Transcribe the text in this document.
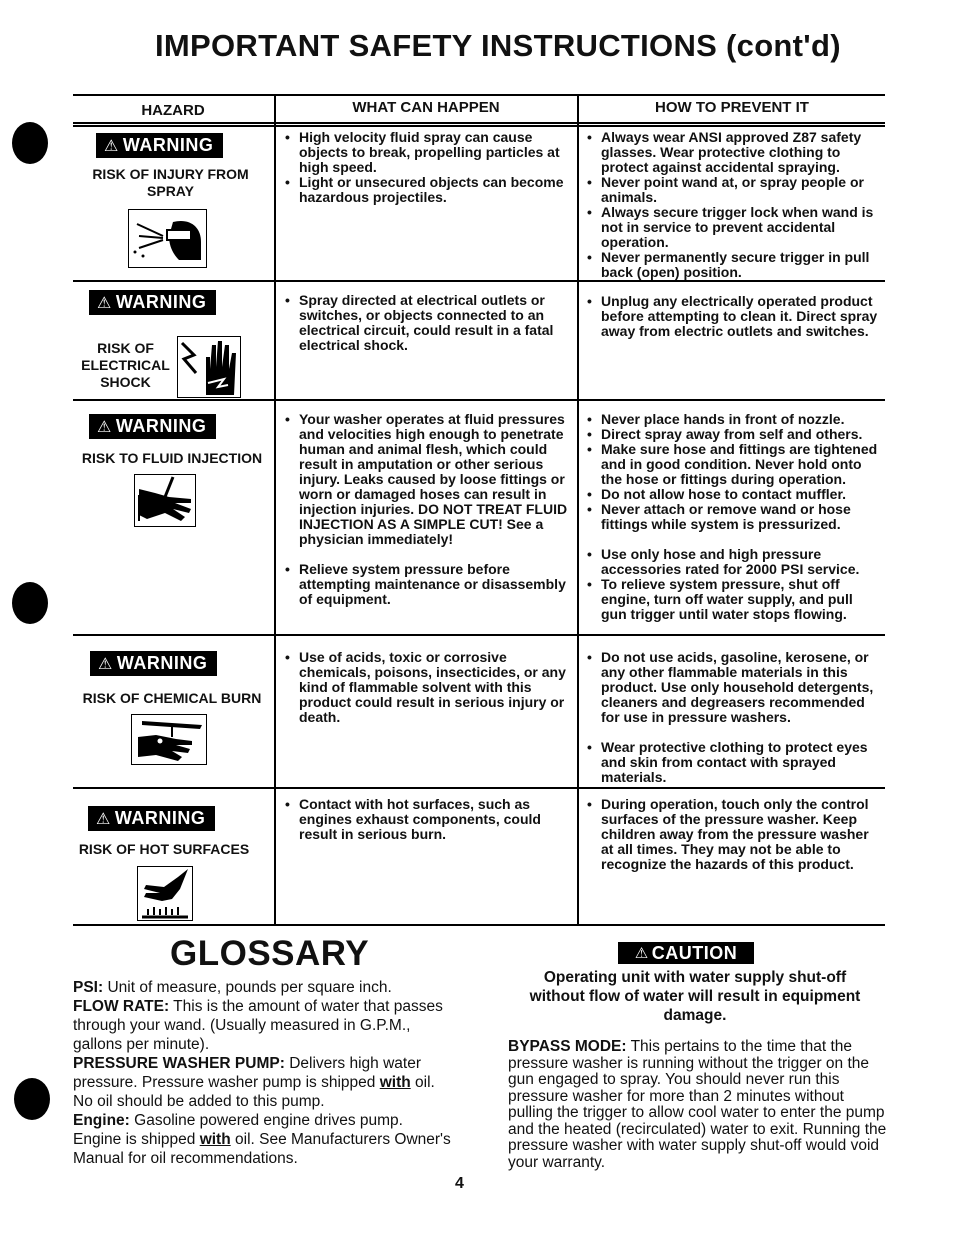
IMPORTANT SAFETY INSTRUCTIONS (cont'd)
HAZARD	WHAT CAN HAPPEN	HOW TO PREVENT IT
⚠ WARNING
RISK OF INJURY FROM SPRAY
• High velocity fluid spray can cause objects to break, propelling particles at high speed.
• Light or unsecured objects can become hazardous projectiles.
• Always wear ANSI approved Z87 safety glasses. Wear protective clothing to protect against accidental spraying.
• Never point wand at, or spray people or animals.
• Always secure trigger lock when wand is not in service to prevent accidental operation.
• Never permanently secure trigger in pull back (open) position.
⚠ WARNING
RISK OF ELECTRICAL SHOCK
• Spray directed at electrical outlets or switches, or objects connected to an electrical circuit, could result in a fatal electrical shock.
• Unplug any electrically operated product before attempting to clean it. Direct spray away from electric outlets and switches.
⚠ WARNING
RISK TO FLUID INJECTION
• Your washer operates at fluid pressures and velocities high enough to penetrate human and animal flesh, which could result in amputation or other serious injury. Leaks caused by loose fittings or worn or damaged hoses can result in injection injuries. DO NOT TREAT FLUID INJECTION AS A SIMPLE CUT! See a physician immediately!
• Relieve system pressure before attempting maintenance or disassembly of equipment.
• Never place hands in front of nozzle.
• Direct spray away from self and others.
• Make sure hose and fittings are tightened and in good condition. Never hold onto the hose or fittings during operation.
• Do not allow hose to contact muffler.
• Never attach or remove wand or hose fittings while system is pressurized.
• Use only hose and high pressure accessories rated for 2000 PSI service.
• To relieve system pressure, shut off engine, turn off water supply, and pull gun trigger until water stops flowing.
⚠ WARNING
RISK OF CHEMICAL BURN
• Use of acids, toxic or corrosive chemicals, poisons, insecticides, or any kind of flammable solvent with this product could result in serious injury or death.
• Do not use acids, gasoline, kerosene, or any other flammable materials in this product. Use only household detergents, cleaners and degreasers recommended for use in pressure washers.
• Wear protective clothing to protect eyes and skin from contact with sprayed materials.
⚠ WARNING
RISK OF HOT SURFACES
• Contact with hot surfaces, such as engines exhaust components, could result in serious burn.
• During operation, touch only the control surfaces of the pressure washer. Keep children away from the pressure washer at all times. They may not be able to recognize the hazards of this product.
GLOSSARY

PSI: Unit of measure, pounds per square inch.

FLOW RATE: This is the amount of water that passes through your wand. (Usually measured in G.P.M., gallons per minute).

PRESSURE WASHER PUMP: Delivers high water pressure. Pressure washer pump is shipped with oil. No oil should be added to this pump.

Engine: Gasoline powered engine drives pump. Engine is shipped with oil. See Manufacturers Owner's Manual for oil recommendations.

⚠ CAUTION
Operating unit with water supply shut-off without flow of water will result in equipment damage.
BYPASS MODE: This pertains to the time that the pressure washer is running without the trigger on the gun engaged to spray. You should never run this pressure washer for more than 2 minutes without pulling the trigger to allow cool water to enter the pump and the heated (recirculated) water to exit. Running the pressure washer with water supply shut-off would void your warranty.
4
